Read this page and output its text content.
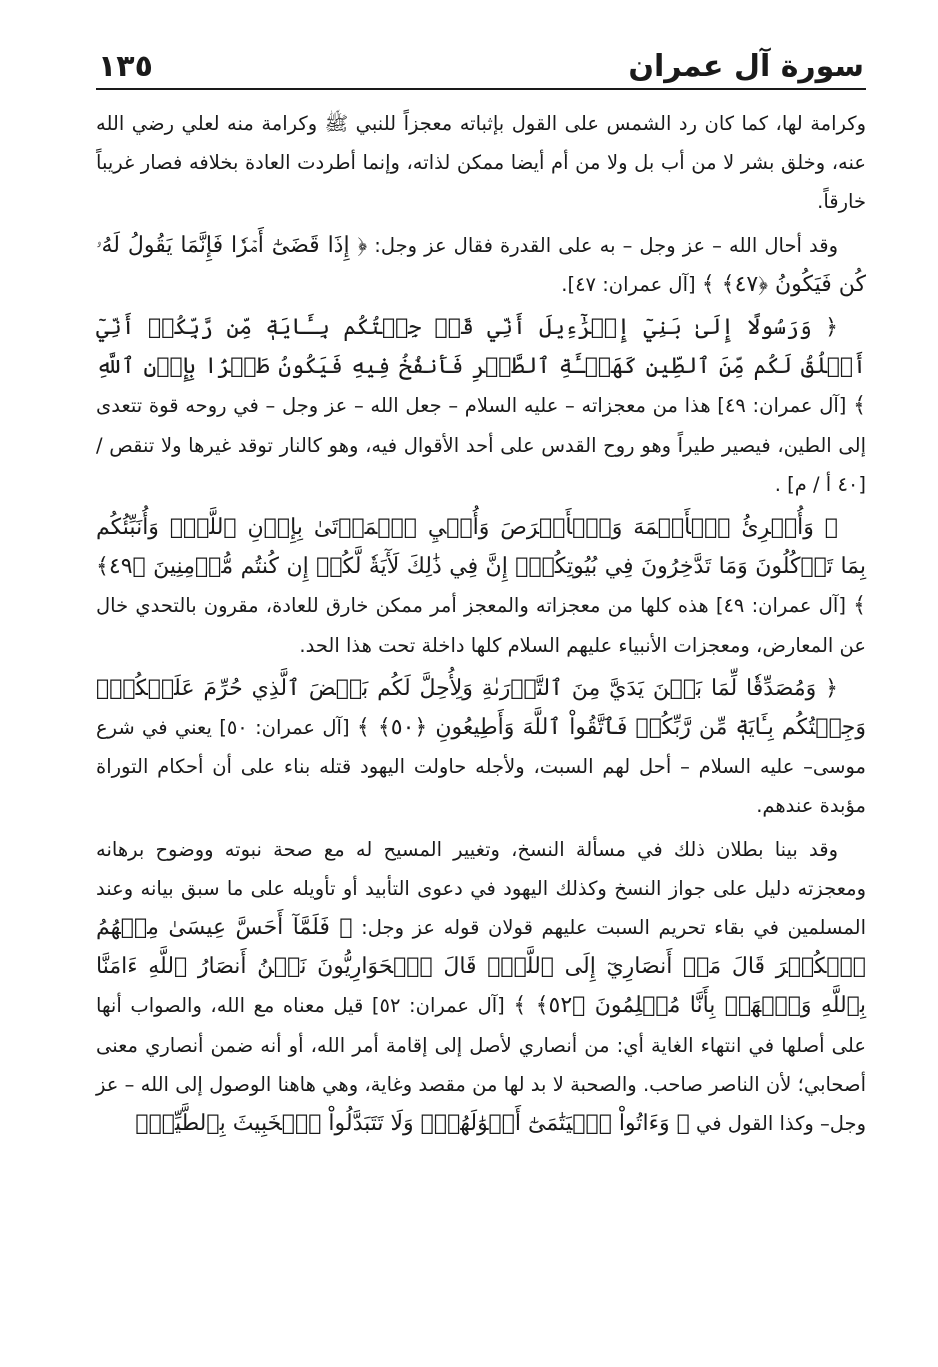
سورة آل عمران
١٣٥

وكرامة لها، كما كان رد الشمس على القول بإثباته معجزاً للنبي ﷺ وكرامة منه لعلي رضي الله عنه، وخلق بشر لا من أب بل ولا من أم أيضا ممكن لذاته، وإنما أطردت العادة بخلافه فصار غريباً خارقاً.

وقد أحال الله – عز وجل – به على القدرة فقال عز وجل: ﴿ إِذَا قَضَىٰٓ أَمۡرٗا فَإِنَّمَا يَقُولُ لَهُۥ كُن فَيَكُونُ ﴿٤٧﴾ ﴾ [آل عمران: ٤٧].

﴿ وَرَسُولًا إِلَىٰ بَنِيٓ إِسۡرَٰٓءِيلَ أَنِّي قَدۡ جِئۡتُكُم بِـَٔايَةٖ مِّن رَّبِّكُمۡ أَنِّيٓ أَخۡلُقُ لَكُم مِّنَ ٱلطِّينِ كَهَيۡـَٔةِ ٱلطَّيۡرِ فَأَنفُخُ فِيهِ فَيَكُونُ طَيۡرَۢا بِإِذۡنِ ٱللَّهِ ﴾ [آل عمران: ٤٩] هذا من معجزاته – عليه السلام – جعل الله – عز وجل – في روحه قوة تتعدى إلى الطين، فيصير طيراً وهو روح القدس على أحد الأقوال فيه، وهو كالنار توقد غيرها ولا تنقص / [٤٠ أ / م] .

﴿ وَأُبۡرِئُ ٱلۡأَكۡمَهَ وَٱلۡأَبۡرَصَ وَأُحۡيِ ٱلۡمَوۡتَىٰ بِإِذۡنِ ٱللَّهِۖ وَأُنَبِّئُكُم بِمَا تَأۡكُلُونَ وَمَا تَدَّخِرُونَ فِي بُيُوتِكُمۡۚ إِنَّ فِي ذَٰلِكَ لَأٓيَةٗ لَّكُمۡ إِن كُنتُم مُّؤۡمِنِينَ ﴿٤٩﴾ ﴾ [آل عمران: ٤٩] هذه كلها من معجزاته والمعجز أمر ممكن خارق للعادة، مقرون بالتحدي خال عن المعارض، ومعجزات الأنبياء عليهم السلام كلها داخلة تحت هذا الحد.

﴿ وَمُصَدِّقٗا لِّمَا بَيۡنَ يَدَيَّ مِنَ ٱلتَّوۡرَىٰةِ وَلِأُحِلَّ لَكُم بَعۡضَ ٱلَّذِي حُرِّمَ عَلَيۡكُمۡۚ وَجِئۡتُكُم بِـَٔايَةٖ مِّن رَّبِّكُمۡ فَٱتَّقُواْ ٱللَّهَ وَأَطِيعُونِ ﴿٥٠﴾ ﴾ [آل عمران: ٥٠] يعني في شرع موسى– عليه السلام – أحل لهم السبت، ولأجله حاولت اليهود قتله بناء على أن أحكام التوراة مؤبدة عندهم.

وقد بينا بطلان ذلك في مسألة النسخ، وتغيير المسيح له مع صحة نبوته ووضوح برهانه ومعجزته دليل على جواز النسخ وكذلك اليهود في دعوى التأبيد أو تأويله على ما سبق بيانه وعند المسلمين في بقاء تحريم السبت عليهم قولان قوله عز وجل: ﴿ فَلَمَّآ أَحَسَّ عِيسَىٰ مِنۡهُمُ ٱلۡكُفۡرَ قَالَ مَنۡ أَنصَارِيٓ إِلَى ٱللَّهِۖ قَالَ ٱلۡحَوَارِيُّونَ نَحۡنُ أَنصَارُ ٱللَّهِ ءَامَنَّا بِٱللَّهِ وَٱشۡهَدۡ بِأَنَّا مُسۡلِمُونَ ﴿٥٢﴾ ﴾ [آل عمران: ٥٢] قيل معناه مع الله، والصواب أنها على أصلها في انتهاء الغاية أي: من أنصاري لأصل إلى إقامة أمر الله، أو أنه ضمن أنصاري معنى أصحابي؛ لأن الناصر صاحب. والصحبة لا بد لها من مقصد وغاية، وهي هاهنا الوصول إلى الله – عز وجل– وكذا القول في ﴿ وَءَاتُواْ ٱلۡيَتَٰمَىٰٓ أَمۡوَٰلَهُمۡۖ وَلَا تَتَبَدَّلُواْ ٱلۡخَبِيثَ بِٱلطَّيِّبِۖ
